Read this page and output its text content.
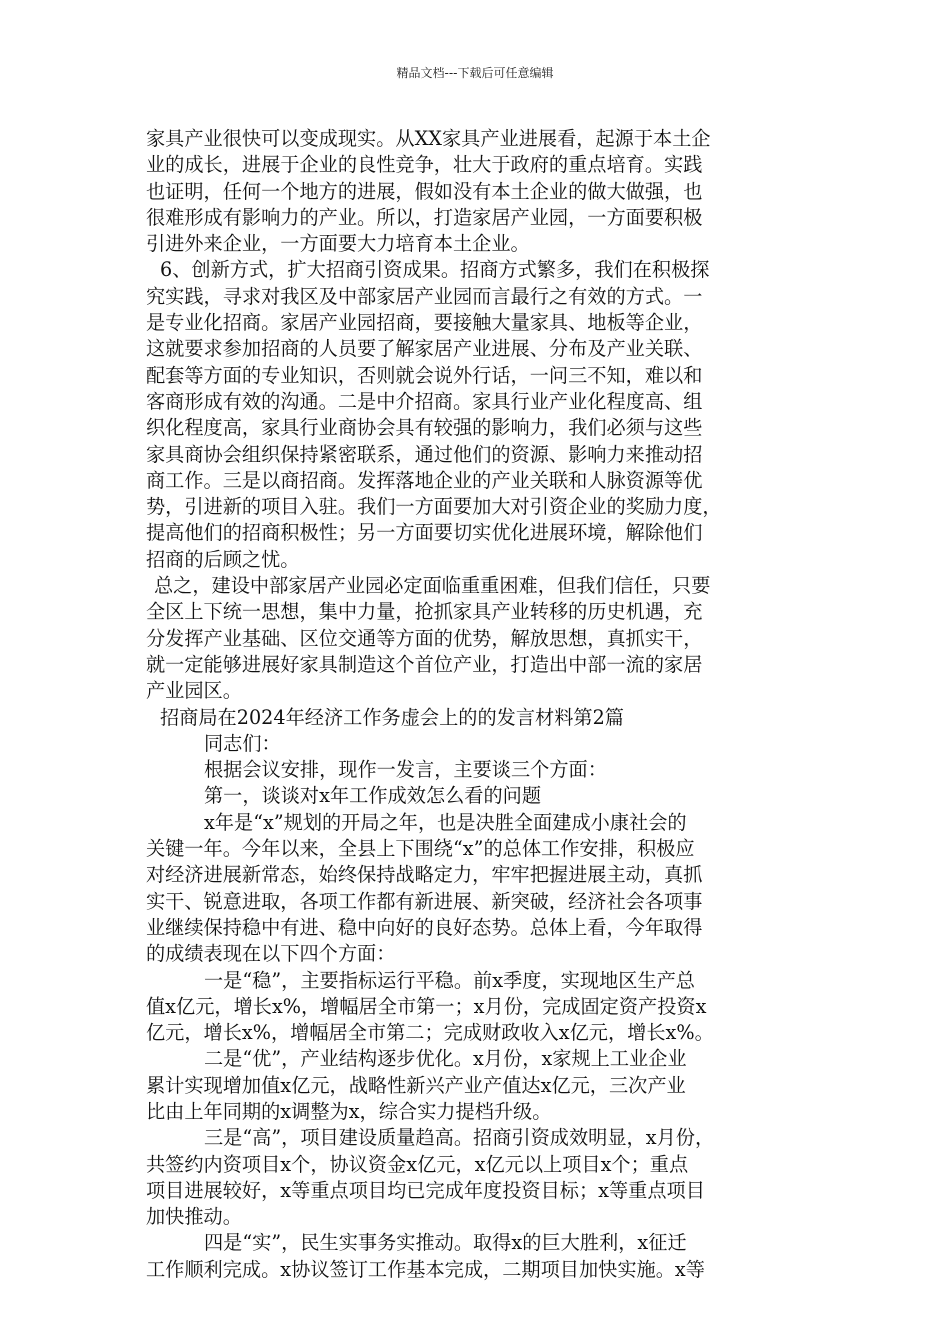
精品文档---下载后可任意编辑
家具产业很快可以变成现实。从XX家具产业进展看，起源于本土企
业的成长，进展于企业的良性竞争，壮大于政府的重点培育。实践
也证明，任何一个地方的进展，假如没有本土企业的做大做强，也
很难形成有影响力的产业。所以，打造家居产业园，一方面要积极
引进外来企业，一方面要大力培育本土企业。
6、创新方式，扩大招商引资成果。招商方式繁多，我们在积极探
究实践，寻求对我区及中部家居产业园而言最行之有效的方式。一
是专业化招商。家居产业园招商，要接触大量家具、地板等企业，
这就要求参加招商的人员要了解家居产业进展、分布及产业关联、
配套等方面的专业知识，否则就会说外行话，一问三不知，难以和
客商形成有效的沟通。二是中介招商。家具行业产业化程度高、组
织化程度高，家具行业商协会具有较强的影响力，我们必须与这些
家具商协会组织保持紧密联系，通过他们的资源、影响力来推动招
商工作。三是以商招商。发挥落地企业的产业关联和人脉资源等优
势，引进新的项目入驻。我们一方面要加大对引资企业的奖励力度，
提高他们的招商积极性；另一方面要切实优化进展环境，解除他们
招商的后顾之忧。
总之，建设中部家居产业园必定面临重重困难，但我们信任，只要
全区上下统一思想，集中力量，抢抓家具产业转移的历史机遇，充
分发挥产业基础、区位交通等方面的优势，解放思想，真抓实干，
就一定能够进展好家具制造这个首位产业，打造出中部一流的家居
产业园区。
招商局在2024年经济工作务虚会上的的发言材料第2篇
同志们：
根据会议安排，现作一发言，主要谈三个方面：
第一，谈谈对x年工作成效怎么看的问题
x年是“x”规划的开局之年，也是决胜全面建成小康社会的
关键一年。今年以来，全县上下围绕“x”的总体工作安排，积极应
对经济进展新常态，始终保持战略定力，牢牢把握进展主动，真抓
实干、锐意进取，各项工作都有新进展、新突破，经济社会各项事
业继续保持稳中有进、稳中向好的良好态势。总体上看，今年取得
的成绩表现在以下四个方面：
一是“稳”，主要指标运行平稳。前x季度，实现地区生产总
值x亿元，增长x%，增幅居全市第一；x月份，完成固定资产投资x
亿元，增长x%，增幅居全市第二；完成财政收入x亿元，增长x%。
二是“优”，产业结构逐步优化。x月份，x家规上工业企业
累计实现增加值x亿元，战略性新兴产业产值达x亿元，三次产业
比由上年同期的x调整为x，综合实力提档升级。
三是“高”，项目建设质量趋高。招商引资成效明显，x月份，
共签约内资项目x个，协议资金x亿元，x亿元以上项目x个；重点
项目进展较好，x等重点项目均已完成年度投资目标；x等重点项目
加快推动。
四是“实”，民生实事务实推动。取得x的巨大胜利，x征迁
工作顺利完成。x协议签订工作基本完成，二期项目加快实施。x等
